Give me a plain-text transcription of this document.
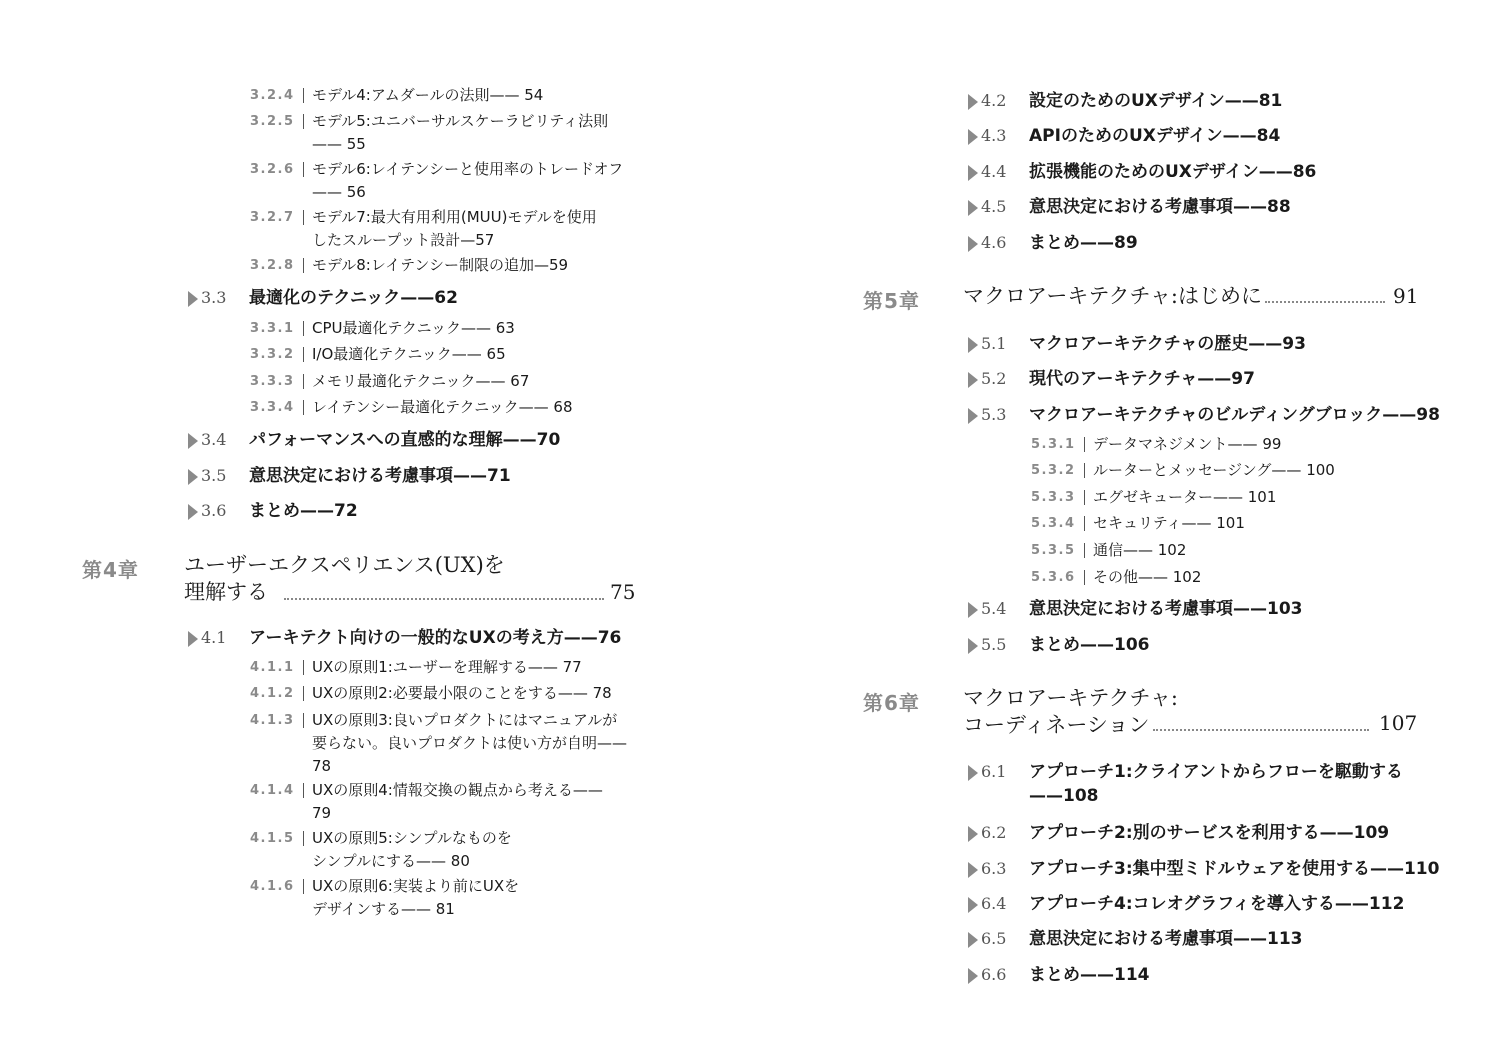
3.2.4	モデル4:アムダールの法則—— 54
3.2.5	モデル5:ユニバーサルスケーラビリティ法則
—— 55
3.2.6	モデル6:レイテンシーと使用率のトレードオフ
—— 56
3.2.7	モデル7:最大有用利用(MUU)モデルを使用
したスループット設計—57
3.2.8	モデル8:レイテンシー制限の追加—59
3.3 最適化のテクニック——62
3.3.1	CPU最適化テクニック—— 63
3.3.2	I/O最適化テクニック—— 65
3.3.3	メモリ最適化テクニック—— 67
3.3.4	レイテンシー最適化テクニック—— 68
3.4 パフォーマンスへの直感的な理解——70
3.5 意思決定における考慮事項——71
3.6 まとめ——72
第4章 ユーザーエクスペリエンス(UX)を
理解する	75
4.1 アーキテクト向けの一般的なUXの考え方——76
4.1.1	UXの原則1:ユーザーを理解する—— 77
4.1.2	UXの原則2:必要最小限のことをする—— 78
4.1.3	UXの原則3:良いプロダクトにはマニュアルが
要らない。良いプロダクトは使い方が自明——
78
4.1.4	UXの原則4:情報交換の観点から考える——
79
4.1.5	UXの原則5:シンプルなものを
シンプルにする—— 80
4.1.6	UXの原則6:実装より前にUXを
デザインする—— 81
4.2 設定のためのUXデザイン——81
4.3 APIのためのUXデザイン——84
4.4 拡張機能のためのUXデザイン——86
4.5 意思決定における考慮事項——88
4.6 まとめ——89
第5章 マクロアーキテクチャ:はじめに	91
5.1 マクロアーキテクチャの歴史——93
5.2 現代のアーキテクチャ——97
5.3 マクロアーキテクチャのビルディングブロック——98
5.3.1	データマネジメント—— 99
5.3.2	ルーターとメッセージング—— 100
5.3.3	エグゼキューター—— 101
5.3.4	セキュリティ—— 101
5.3.5	通信—— 102
5.3.6	その他—— 102
5.4 意思決定における考慮事項——103
5.5 まとめ——106
第6章 マクロアーキテクチャ:
コーディネーション	107
6.1 アプローチ1:クライアントからフローを駆動する
——108
6.2 アプローチ2:別のサービスを利用する——109
6.3 アプローチ3:集中型ミドルウェアを使用する——110
6.4 アプローチ4:コレオグラフィを導入する——112
6.5 意思決定における考慮事項——113
6.6 まとめ——114
